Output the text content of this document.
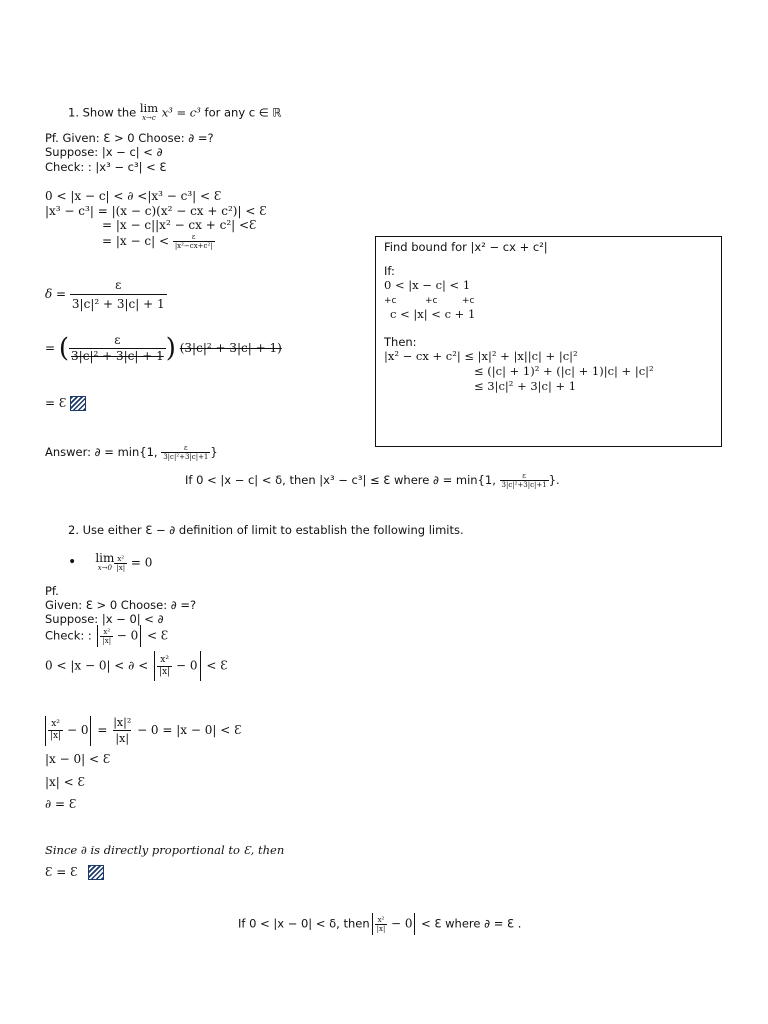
1. Show the lim
x→c x³ = c³ for any c ∈ ℝ
Pf. Given: Ɛ > 0 Choose: ∂ =?
Suppose: |x − c| < ∂
Check: : |x³ − c³| < Ɛ
0 < |x − c| < ∂ <|x³ − c³| < Ɛ
|x³ − c³| = |(x − c)(x² − cx + c²)| < Ɛ
= |x − c||x² − cx + c²| <Ɛ
= $|x - c| < \frac{\varepsilon}{\text{|x²−cx+c²|}}$
$\delta = \frac{\varepsilon}{\text{3|c|² + 3|c| + 1}}$
= ( $\frac{\varepsilon}{\text{3|c|² + 3|c| + 1}}$ ) (3|c|² + 3|c| + 1)
= Ɛ
Answer: ∂ = min{1, $\frac{\varepsilon}{\text{3|c|²+3|c|+1}}$ }
If 0 < |x − c| < δ, then |x³ − c³| ≤ Ɛ where ∂ = min{1, $\frac{\varepsilon}{\text{3|c|²+3|c|+1}}$ }.
Find bound for |x² − cx + c²|
If:
0 < |x − c| < 1
+c	+c	+c
c < |x| < c + 1
Then:
|x² − cx + c²| ≤ |x|² + |x||c| + |c|²
≤ (|c| + 1)² + (|c| + 1)|c| + |c|²
≤ 3|c|² + 3|c| + 1
2. Use either Ɛ − ∂ definition of limit to establish the following limits.
• lim
$x\to 0 \frac{\text{x²}}{|x|} = 0$
Pf.
Given: Ɛ > 0 Choose: ∂ =?
Suppose: |x − 0| < ∂
Check: : $\frac{\text{x²}}{|x|} - 0$ < Ɛ
0 < |x − 0| < ∂ < $\frac{\text{x²}}{|x|} - 0$ < Ɛ
$\frac{\text{x²}}{|x|} - 0 = \frac{\text{|x|²}}{|x|} - 0 = |x - 0|$ < Ɛ
|x − 0| < Ɛ
|x| < Ɛ
∂ = Ɛ
Since ∂ is directly proportional to Ɛ, then
Ɛ = Ɛ
If 0 < |x − 0| < δ, then $\frac{\text{x²}}{|x|} - 0$ < Ɛ where ∂ = Ɛ .
